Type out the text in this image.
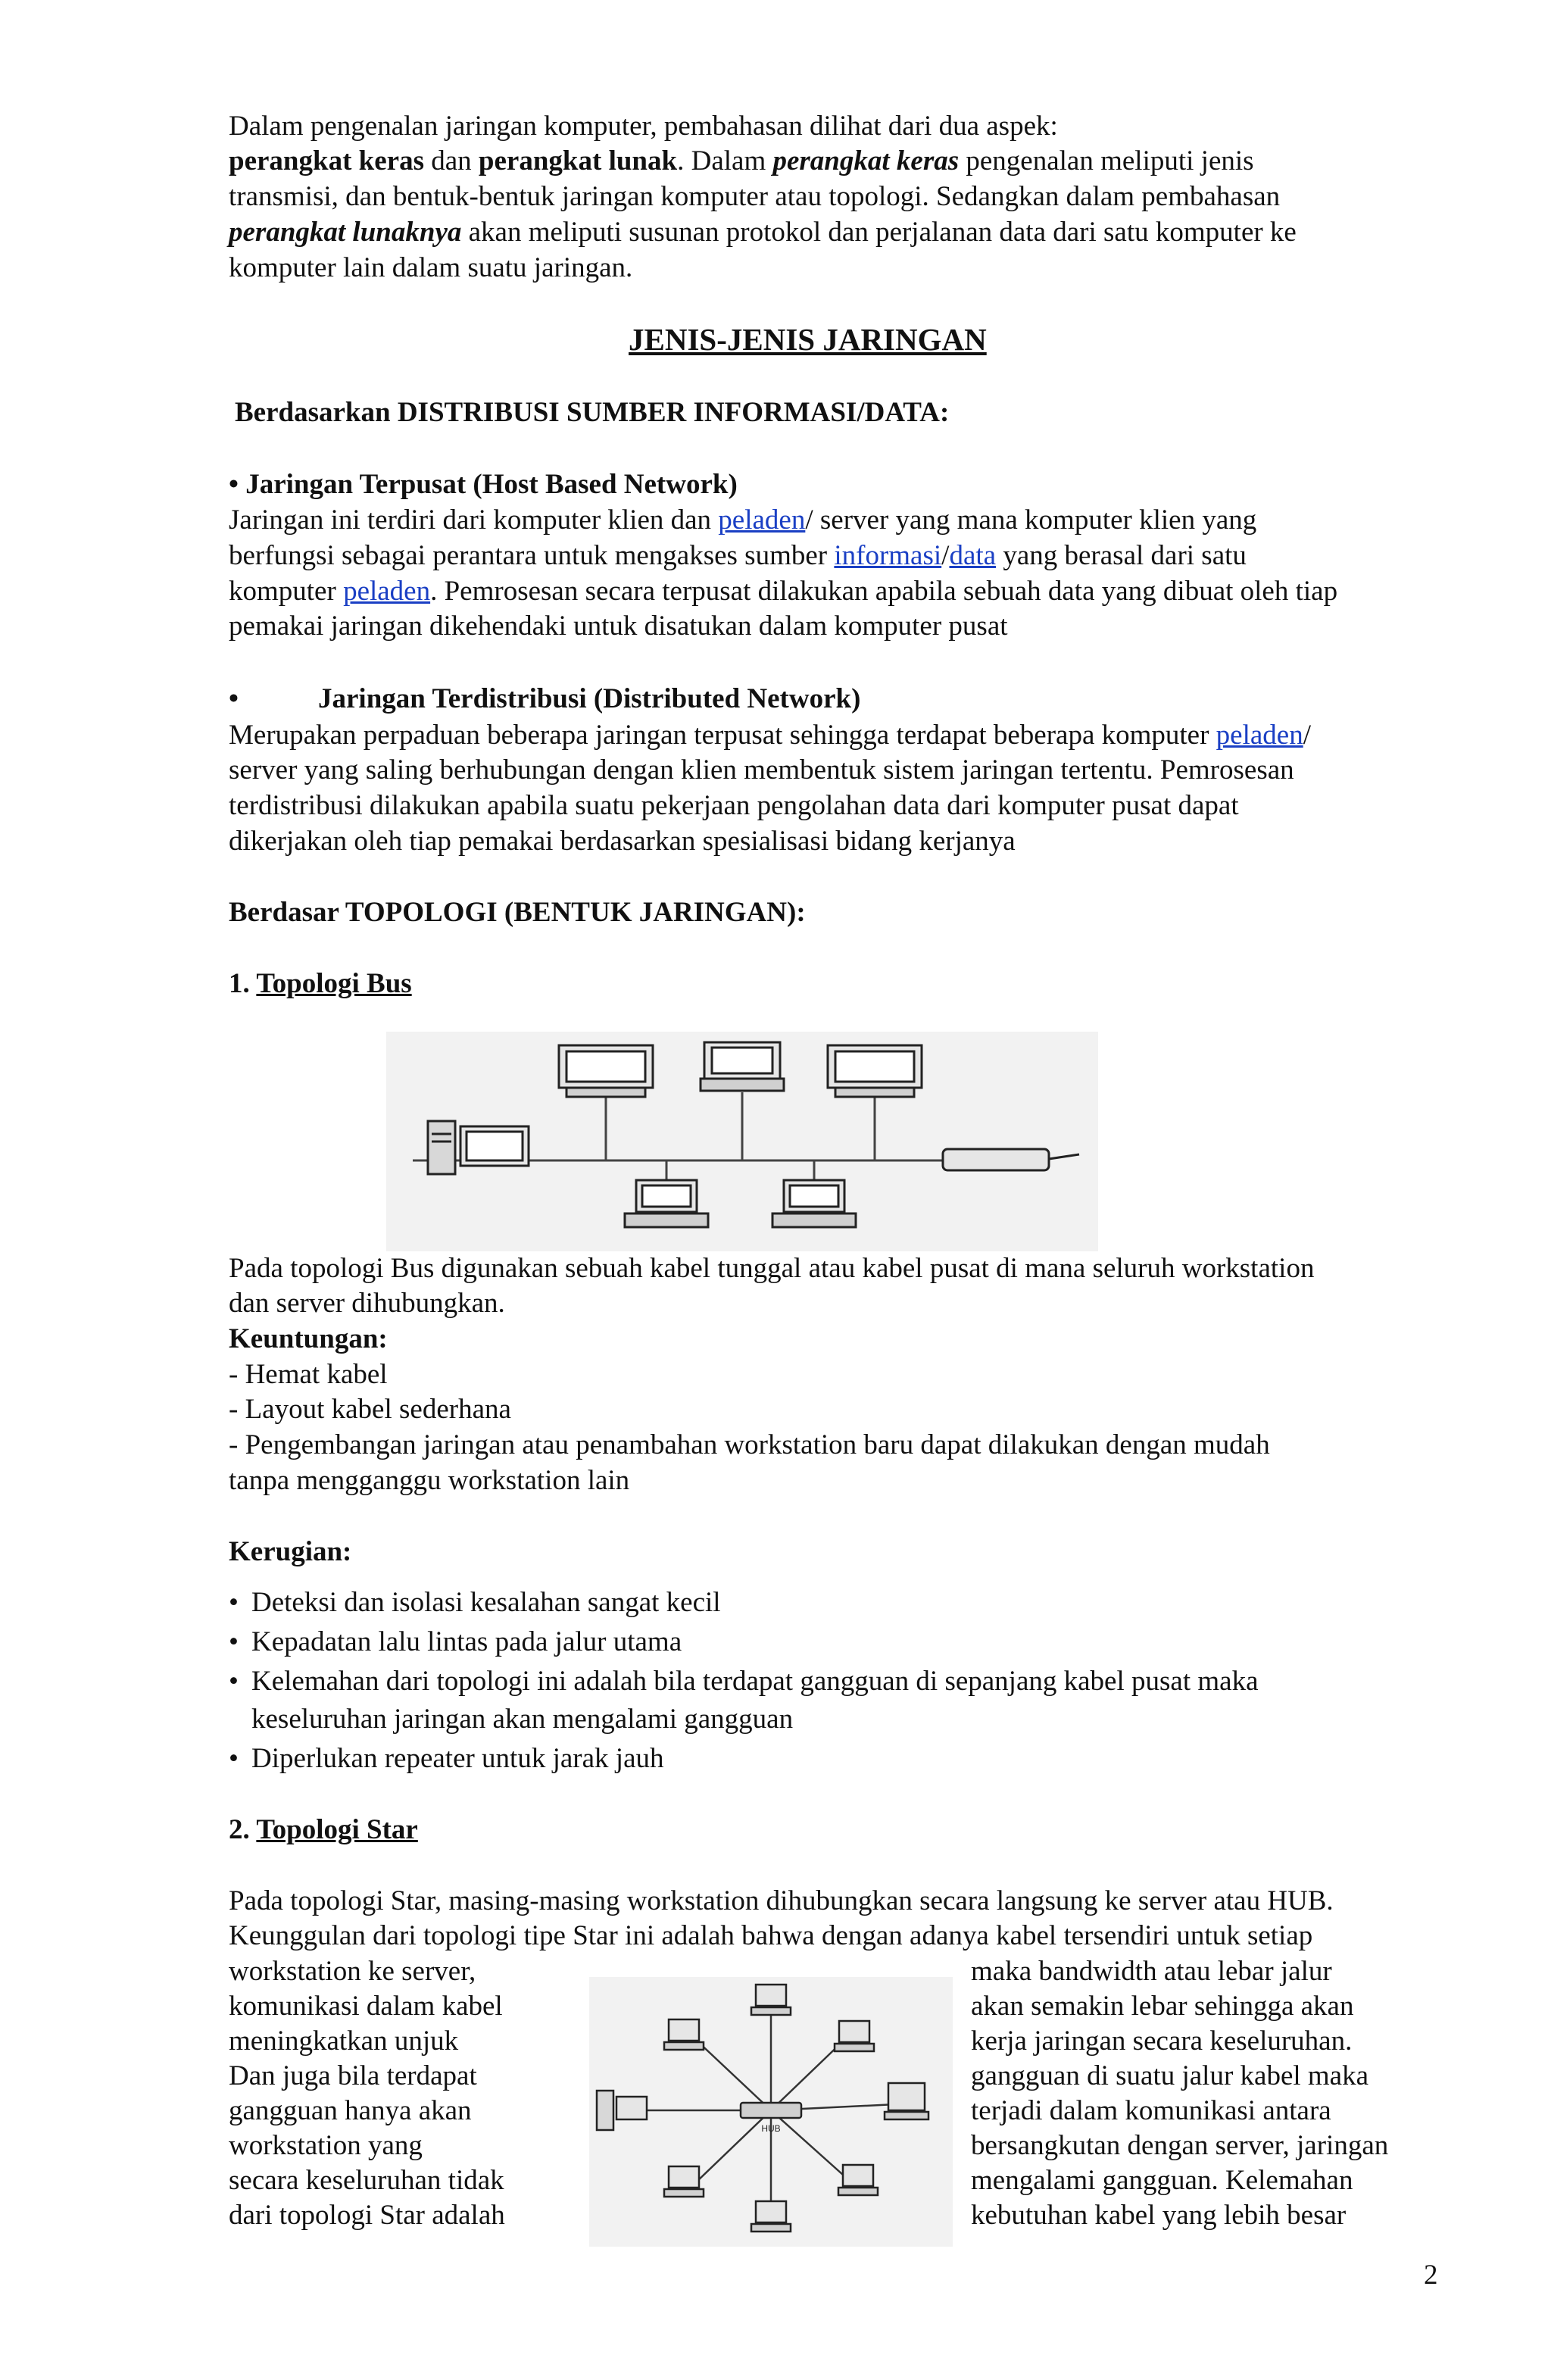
Dalam pengenalan jaringan komputer, pembahasan dilihat dari dua aspek:
perangkat keras dan perangkat lunak. Dalam perangkat keras pengenalan meliputi jenis
transmisi, dan bentuk-bentuk jaringan komputer atau topologi. Sedangkan dalam pembahasan
perangkat lunaknya akan meliputi susunan protokol dan perjalanan data dari satu komputer ke
komputer lain dalam suatu jaringan.
JENIS-JENIS JARINGAN
Berdasarkan DISTRIBUSI SUMBER INFORMASI/DATA:
• Jaringan Terpusat (Host Based Network)
Jaringan ini terdiri dari komputer klien dan peladen/ server yang mana komputer klien yang
berfungsi sebagai perantara untuk mengakses sumber informasi/data yang berasal dari satu
komputer peladen. Pemrosesan secara terpusat dilakukan apabila sebuah data yang dibuat oleh tiap
pemakai jaringan dikehendaki untuk disatukan dalam komputer pusat
•	Jaringan Terdistribusi (Distributed Network)
Merupakan perpaduan beberapa jaringan terpusat sehingga terdapat beberapa komputer peladen/
server yang saling berhubungan dengan klien membentuk sistem jaringan tertentu. Pemrosesan
terdistribusi dilakukan apabila suatu pekerjaan pengolahan data dari komputer pusat dapat
dikerjakan oleh tiap pemakai berdasarkan spesialisasi bidang kerjanya
Berdasar TOPOLOGI (BENTUK JARINGAN):
1. Topologi Bus
Pada topologi Bus digunakan sebuah kabel tunggal atau kabel pusat di mana seluruh workstation
dan server dihubungkan.
Keuntungan:
- Hemat kabel
- Layout kabel sederhana
- Pengembangan jaringan atau penambahan workstation baru dapat dilakukan dengan mudah
tanpa mengganggu workstation lain
Kerugian:
• Deteksi dan isolasi kesalahan sangat kecil
• Kepadatan lalu lintas pada jalur utama
• Kelemahan dari topologi ini adalah bila terdapat gangguan di sepanjang kabel pusat maka
keseluruhan jaringan akan mengalami gangguan
• Diperlukan repeater untuk jarak jauh
2. Topologi Star
Pada topologi Star, masing-masing workstation dihubungkan secara langsung ke server atau HUB.
Keunggulan dari topologi tipe Star ini adalah bahwa dengan adanya kabel tersendiri untuk setiap
workstation ke server,
komunikasi dalam kabel
meningkatkan unjuk
Dan juga bila terdapat
gangguan hanya akan
workstation yang
secara keseluruhan tidak
dari topologi Star adalah
maka bandwidth atau lebar jalur
akan semakin lebar sehingga akan
kerja jaringan secara keseluruhan.
gangguan di suatu jalur kabel maka
terjadi dalam komunikasi antara
bersangkutan dengan server, jaringan
mengalami gangguan. Kelemahan
kebutuhan kabel yang lebih besar
HUB
2
